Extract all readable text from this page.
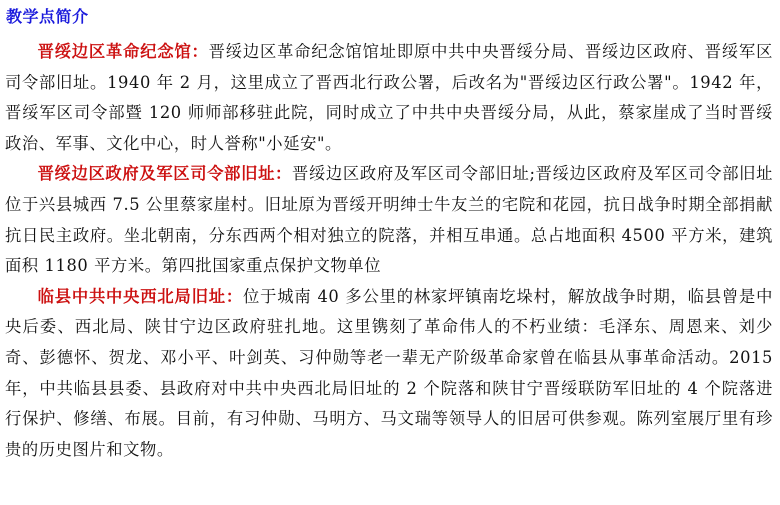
教学点简介

晋绥边区革命纪念馆：晋绥边区革命纪念馆馆址即原中共中央晋绥分局、晋绥边区政府、晋绥军区司令部旧址。1940 年 2 月，这里成立了晋西北行政公署，后改名为"晋绥边区行政公署"。1942 年，晋绥军区司令部暨 120 师师部移驻此院，同时成立了中共中央晋绥分局，从此，蔡家崖成了当时晋绥政治、军事、文化中心，时人誉称"小延安"。

晋绥边区政府及军区司令部旧址：晋绥边区政府及军区司令部旧址;晋绥边区政府及军区司令部旧址位于兴县城西 7.5 公里蔡家崖村。旧址原为晋绥开明绅士牛友兰的宅院和花园，抗日战争时期全部捐献抗日民主政府。坐北朝南，分东西两个相对独立的院落，并相互串通。总占地面积 4500 平方米，建筑面积 1180 平方米。第四批国家重点保护文物单位

临县中共中央西北局旧址：位于城南 40 多公里的林家坪镇南圪垛村，解放战争时期，临县曾是中央后委、西北局、陕甘宁边区政府驻扎地。这里镌刻了革命伟人的不朽业绩：毛泽东、周恩来、刘少奇、彭德怀、贺龙、邓小平、叶剑英、习仲勋等老一辈无产阶级革命家曾在临县从事革命活动。2015 年，中共临县县委、县政府对中共中央西北局旧址的 2 个院落和陕甘宁晋绥联防军旧址的 4 个院落进行保护、修缮、布展。目前，有习仲勋、马明方、马文瑞等领导人的旧居可供参观。陈列室展厅里有珍贵的历史图片和文物。
